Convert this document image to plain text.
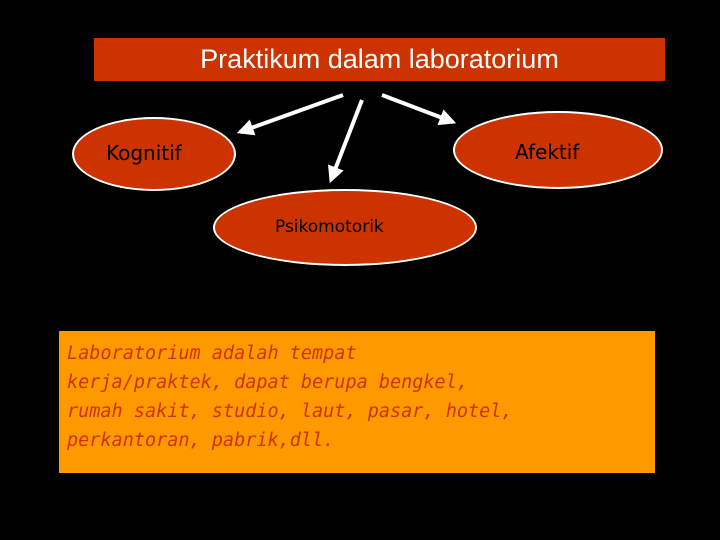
Praktikum dalam laboratorium
Kognitif	Afektif
Psikomotorik
Laboratorium adalah tempat
kerja/praktek, dapat berupa bengkel,
rumah sakit, studio, laut, pasar, hotel,
perkantoran, pabrik,dll.
